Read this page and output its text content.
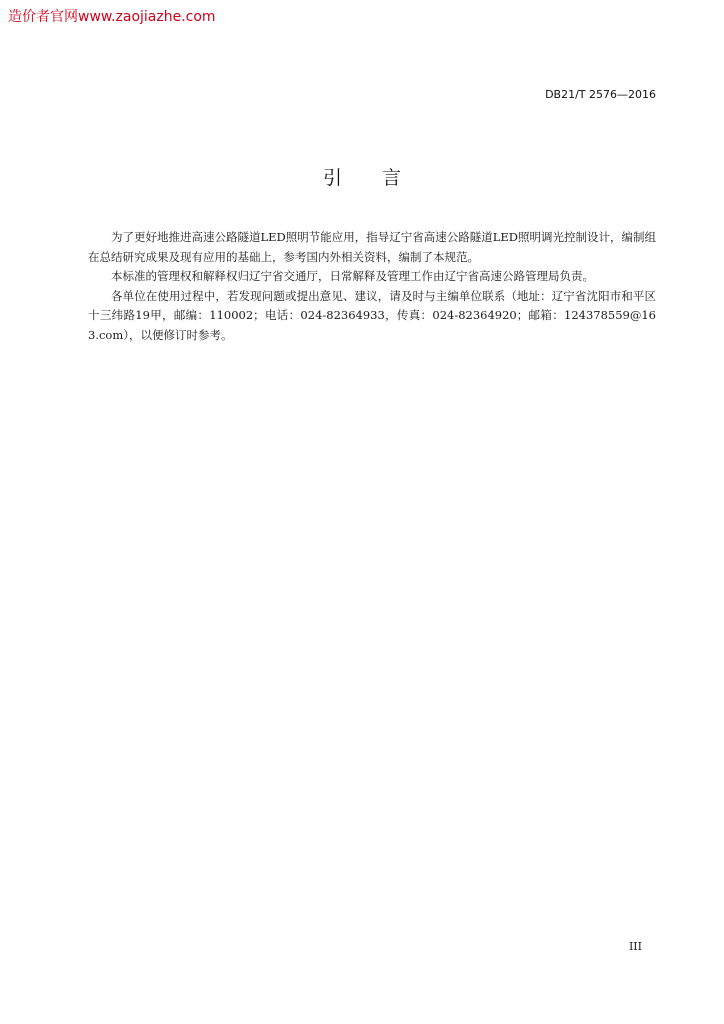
造价者官网www.zaojiazhe.com
DB21/T 2576—2016
引言

为了更好地推进高速公路隧道LED照明节能应用，指导辽宁省高速公路隧道LED照明调光控制设计，编制组在总结研究成果及现有应用的基础上，参考国内外相关资料，编制了本规范。

本标准的管理权和解释权归辽宁省交通厅，日常解释及管理工作由辽宁省高速公路管理局负责。

各单位在使用过程中，若发现问题或提出意见、建议，请及时与主编单位联系（地址：辽宁省沈阳市和平区十三纬路19甲，邮编：110002；电话：024-82364933，传真：024-82364920；邮箱：124378559@163.com），以便修订时参考。

III
